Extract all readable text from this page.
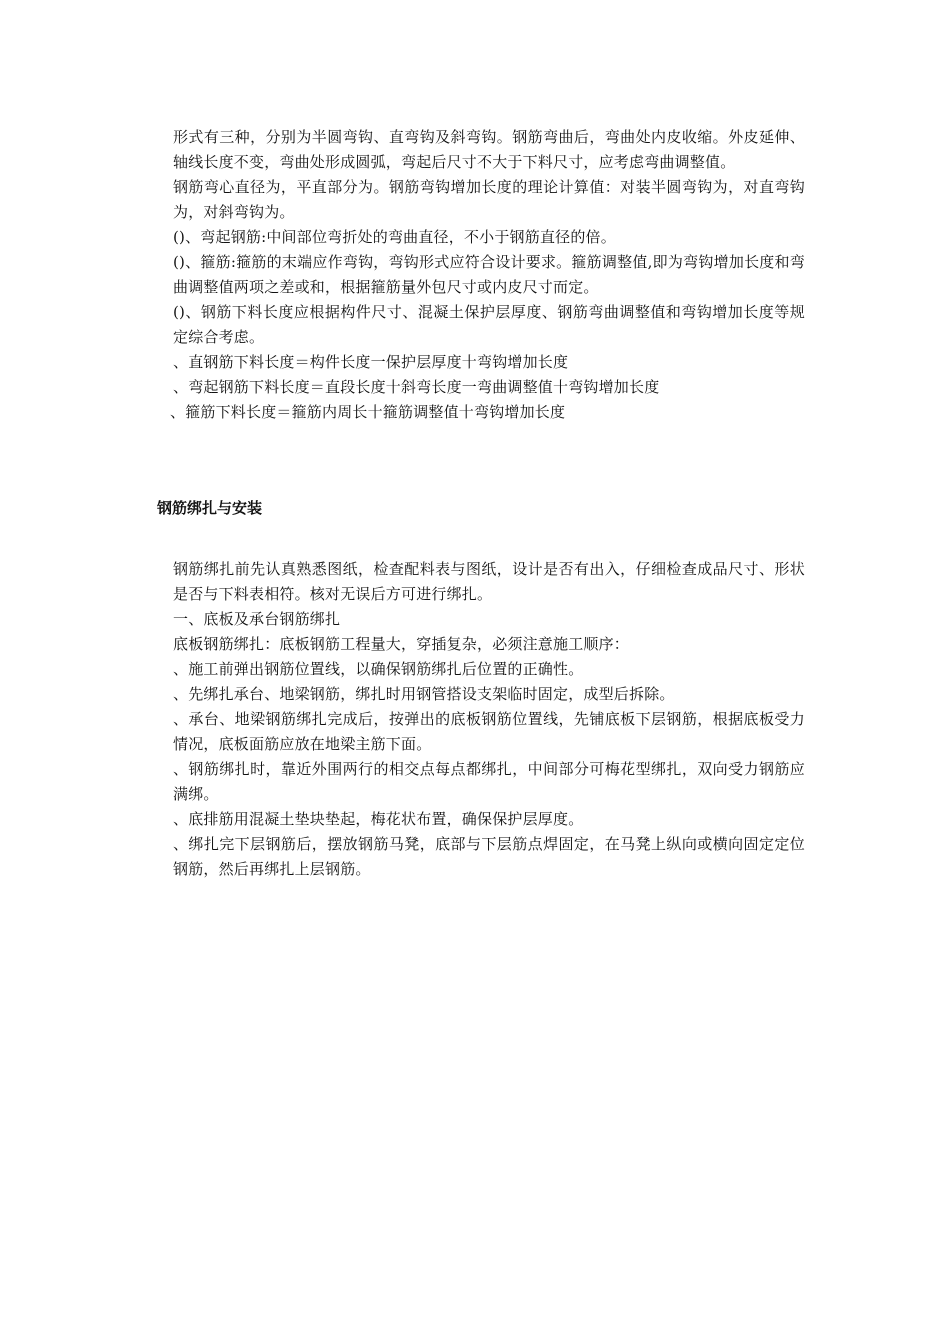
形式有三种，分别为半圆弯钩、直弯钩及斜弯钩。钢筋弯曲后，弯曲处内皮收缩。外皮延伸、轴线长度不变，弯曲处形成圆弧，弯起后尺寸不大于下料尺寸，应考虑弯曲调整值。

钢筋弯心直径为，平直部分为。钢筋弯钩增加长度的理论计算值：对装半圆弯钩为，对直弯钩为，对斜弯钩为。

()、弯起钢筋:中间部位弯折处的弯曲直径，不小于钢筋直径的倍。

()、箍筋:箍筋的末端应作弯钩，弯钩形式应符合设计要求。箍筋调整值,即为弯钩增加长度和弯曲调整值两项之差或和，根据箍筋量外包尺寸或内皮尺寸而定。

()、钢筋下料长度应根据构件尺寸、混凝土保护层厚度、钢筋弯曲调整值和弯钩增加长度等规定综合考虑。

、直钢筋下料长度＝构件长度一保护层厚度十弯钩增加长度

、弯起钢筋下料长度＝直段长度十斜弯长度一弯曲调整值十弯钩增加长度

、箍筋下料长度＝箍筋内周长十箍筋调整值十弯钩增加长度

钢筋绑扎与安装

钢筋绑扎前先认真熟悉图纸，检查配料表与图纸，设计是否有出入，仔细检查成品尺寸、形状是否与下料表相符。核对无误后方可进行绑扎。

一、底板及承台钢筋绑扎

底板钢筋绑扎：底板钢筋工程量大，穿插复杂，必须注意施工顺序：

、施工前弹出钢筋位置线，以确保钢筋绑扎后位置的正确性。

、先绑扎承台、地梁钢筋，绑扎时用钢管搭设支架临时固定，成型后拆除。

、承台、地梁钢筋绑扎完成后，按弹出的底板钢筋位置线，先铺底板下层钢筋，根据底板受力情况，底板面筋应放在地梁主筋下面。

、钢筋绑扎时，靠近外围两行的相交点每点都绑扎，中间部分可梅花型绑扎，双向受力钢筋应满绑。

、底排筋用混凝土垫块垫起，梅花状布置，确保保护层厚度。

、绑扎完下层钢筋后，摆放钢筋马凳，底部与下层筋点焊固定，在马凳上纵向或横向固定定位钢筋，然后再绑扎上层钢筋。
